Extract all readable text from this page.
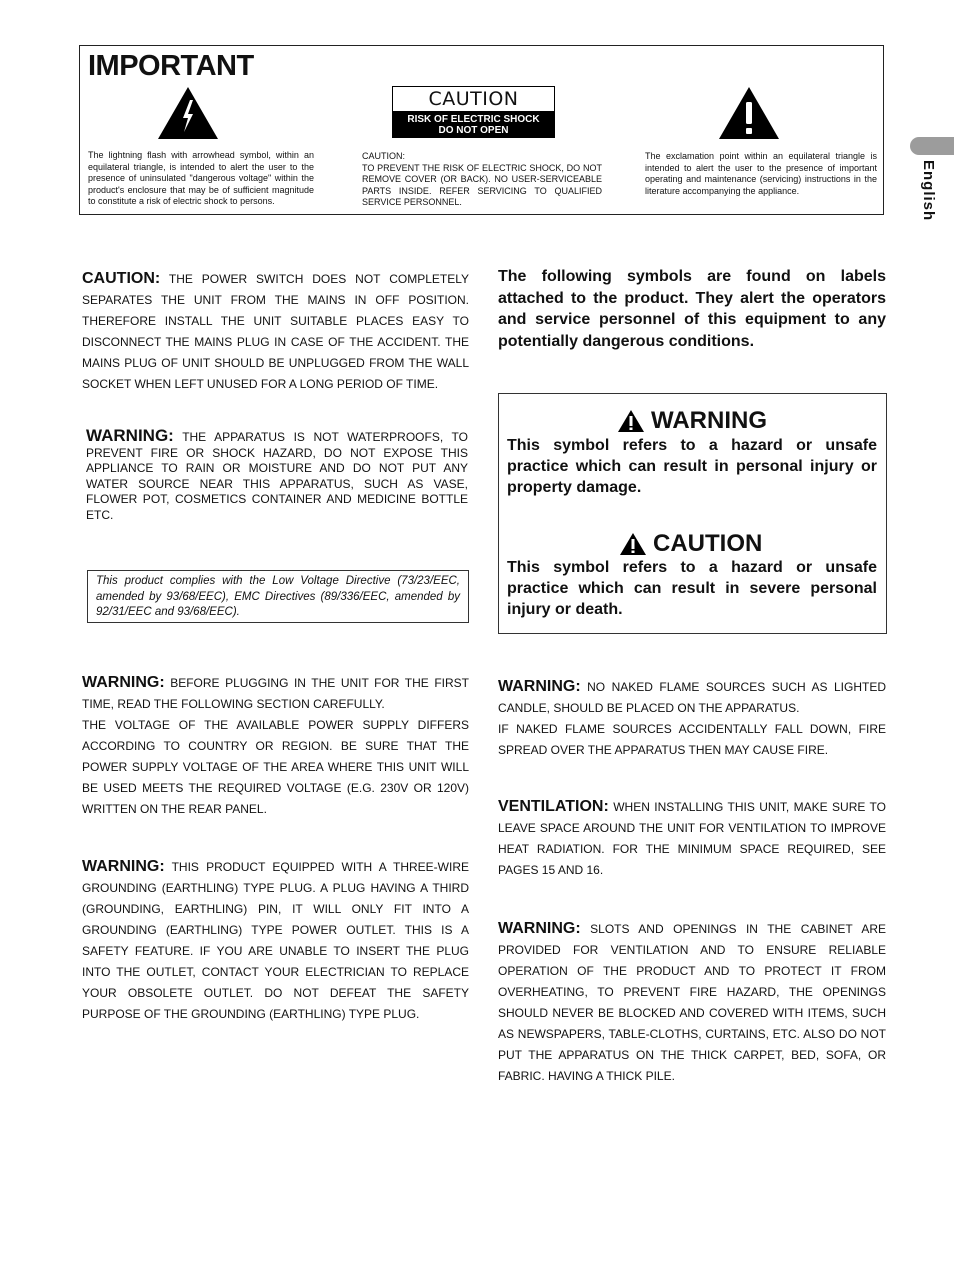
IMPORTANT
CAUTION
RISK OF ELECTRIC SHOCK
DO NOT OPEN
The lightning flash with arrowhead symbol, within an equilateral triangle, is intended to alert the user to the presence of uninsulated "dangerous voltage" within the product's enclosure that may be of sufficient magnitude to constitute a risk of electric shock to persons.
CAUTION:
TO PREVENT THE RISK OF ELECTRIC SHOCK, DO NOT REMOVE COVER (OR BACK). NO USER-SERVICEABLE PARTS INSIDE. REFER SERVICING TO QUALIFIED SERVICE PERSONNEL.
The exclamation point within an equilateral triangle is intended to alert the user to the presence of important operating and maintenance (servicing) instructions in the literature accompanying the appliance.	English
CAUTION: THE POWER SWITCH DOES NOT COMPLETELY SEPARATES THE UNIT FROM THE MAINS IN OFF POSITION. THEREFORE INSTALL THE UNIT SUITABLE PLACES EASY TO DISCONNECT THE MAINS PLUG IN CASE OF THE ACCIDENT. THE MAINS PLUG OF UNIT SHOULD BE UNPLUGGED FROM THE WALL SOCKET WHEN LEFT UNUSED FOR A LONG PERIOD OF TIME.
WARNING: THE APPARATUS IS NOT WATERPROOFS, TO PREVENT FIRE OR SHOCK HAZARD, DO NOT EXPOSE THIS APPLIANCE TO RAIN OR MOISTURE AND DO NOT PUT ANY WATER SOURCE NEAR THIS APPARATUS, SUCH AS VASE, FLOWER POT, COSMETICS CONTAINER AND MEDICINE BOTTLE ETC.
This product complies with the Low Voltage Directive (73/23/EEC, amended by 93/68/EEC), EMC Directives (89/336/EEC, amended by 92/31/EEC and 93/68/EEC).
WARNING: BEFORE PLUGGING IN THE UNIT FOR THE FIRST TIME, READ THE FOLLOWING SECTION CAREFULLY.
THE VOLTAGE OF THE AVAILABLE POWER SUPPLY DIFFERS ACCORDING TO COUNTRY OR REGION. BE SURE THAT THE POWER SUPPLY VOLTAGE OF THE AREA WHERE THIS UNIT WILL BE USED MEETS THE REQUIRED VOLTAGE (E.G. 230V OR 120V) WRITTEN ON THE REAR PANEL.
WARNING: THIS PRODUCT EQUIPPED WITH A THREE-WIRE GROUNDING (EARTHLING) TYPE PLUG. A PLUG HAVING A THIRD (GROUNDING, EARTHLING) PIN, IT WILL ONLY FIT INTO A GROUNDING (EARTHLING) TYPE POWER OUTLET. THIS IS A SAFETY FEATURE. IF YOU ARE UNABLE TO INSERT THE PLUG INTO THE OUTLET, CONTACT YOUR ELECTRICIAN TO REPLACE YOUR OBSOLETE OUTLET. DO NOT DEFEAT THE SAFETY PURPOSE OF THE GROUNDING (EARTHLING) TYPE PLUG.
The following symbols are found on labels attached to the product. They alert the operators and service personnel of this equipment to any potentially dangerous conditions.
WARNING
This symbol refers to a hazard or unsafe practice which can result in personal injury or property damage.
CAUTION
This symbol refers to a hazard or unsafe practice which can result in severe personal injury or death.
WARNING: NO NAKED FLAME SOURCES SUCH AS LIGHTED CANDLE, SHOULD BE PLACED ON THE APPARATUS.
IF NAKED FLAME SOURCES ACCIDENTALLY FALL DOWN, FIRE SPREAD OVER THE APPARATUS THEN MAY CAUSE FIRE.
VENTILATION: WHEN INSTALLING THIS UNIT, MAKE SURE TO LEAVE SPACE AROUND THE UNIT FOR VENTILATION TO IMPROVE HEAT RADIATION. FOR THE MINIMUM SPACE REQUIRED, SEE PAGES 15 AND 16.
WARNING: SLOTS AND OPENINGS IN THE CABINET ARE PROVIDED FOR VENTILATION AND TO ENSURE RELIABLE OPERATION OF THE PRODUCT AND TO PROTECT IT FROM OVERHEATING, TO PREVENT FIRE HAZARD, THE OPENINGS SHOULD NEVER BE BLOCKED AND COVERED WITH ITEMS, SUCH AS NEWSPAPERS, TABLE-CLOTHS, CURTAINS, ETC. ALSO DO NOT PUT THE APPARATUS ON THE THICK CARPET, BED, SOFA, OR FABRIC. HAVING A THICK PILE.
